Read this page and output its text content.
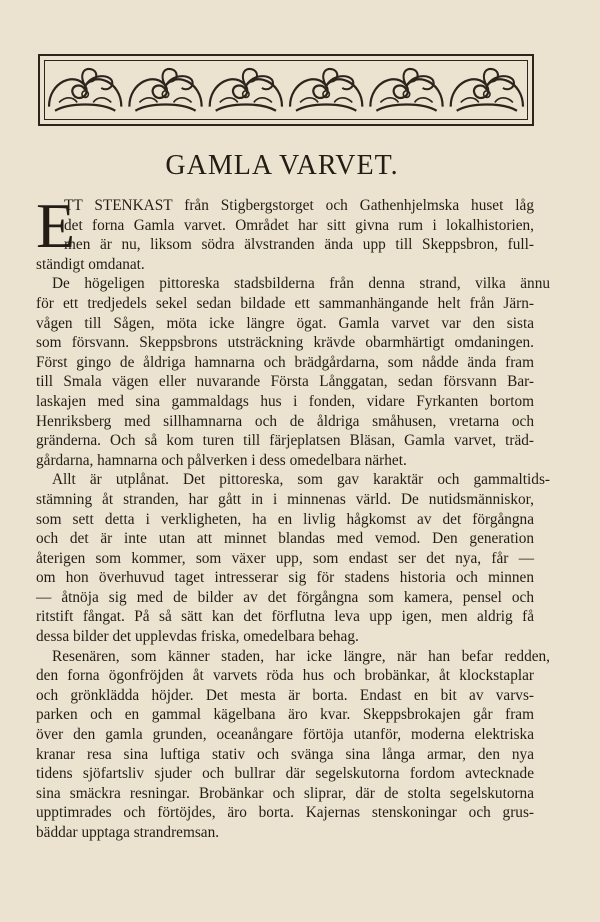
GAMLA VARVET.
E
TT STENKAST från Stigbergstorget och Gathenhjelmska huset låg
det forna Gamla varvet. Området har sitt givna rum i lokalhistorien,
men är nu, liksom södra älvstranden ända upp till Skeppsbron, full-
ständigt omdanat.
De högeligen pittoreska stadsbilderna från denna strand, vilka ännu
för ett tredjedels sekel sedan bildade ett sammanhängande helt från Järn-
vågen till Sågen, möta icke längre ögat. Gamla varvet var den sista
som försvann. Skeppsbrons utsträckning krävde obarmhärtigt omdaningen.
Först gingo de åldriga hamnarna och brädgårdarna, som nådde ända fram
till Smala vägen eller nuvarande Första Långgatan, sedan försvann Bar-
laskajen med sina gammaldags hus i fonden, vidare Fyrkanten bortom
Henriksberg med sillhamnarna och de åldriga småhusen, vretarna och
gränderna. Och så kom turen till färjeplatsen Bläsan, Gamla varvet, träd-
gårdarna, hamnarna och pålverken i dess omedelbara närhet.
Allt är utplånat. Det pittoreska, som gav karaktär och gammaltids-
stämning åt stranden, har gått in i minnenas värld. De nutidsmänniskor,
som sett detta i verkligheten, ha en livlig hågkomst av det förgångna
och det är inte utan att minnet blandas med vemod. Den generation
återigen som kommer, som växer upp, som endast ser det nya, får —
om hon överhuvud taget intresserar sig för stadens historia och minnen
— åtnöja sig med de bilder av det förgångna som kamera, pensel och
ritstift fångat. På så sätt kan det förflutna leva upp igen, men aldrig få
dessa bilder det upplevdas friska, omedelbara behag.
Resenären, som känner staden, har icke längre, när han befar redden,
den forna ögonfröjden åt varvets röda hus och brobänkar, åt klockstaplar
och grönklädda höjder. Det mesta är borta. Endast en bit av varvs-
parken och en gammal kägelbana äro kvar. Skeppsbrokajen går fram
över den gamla grunden, oceanångare förtöja utanför, moderna elektriska
kranar resa sina luftiga stativ och svänga sina långa armar, den nya
tidens sjöfartsliv sjuder och bullrar där segelskutorna fordom avtecknade
sina smäckra resningar. Brobänkar och sliprar, där de stolta segelskutorna
upptimrades och förtöjdes, äro borta. Kajernas stenskoningar och grus-
bäddar upptaga strandremsan.
